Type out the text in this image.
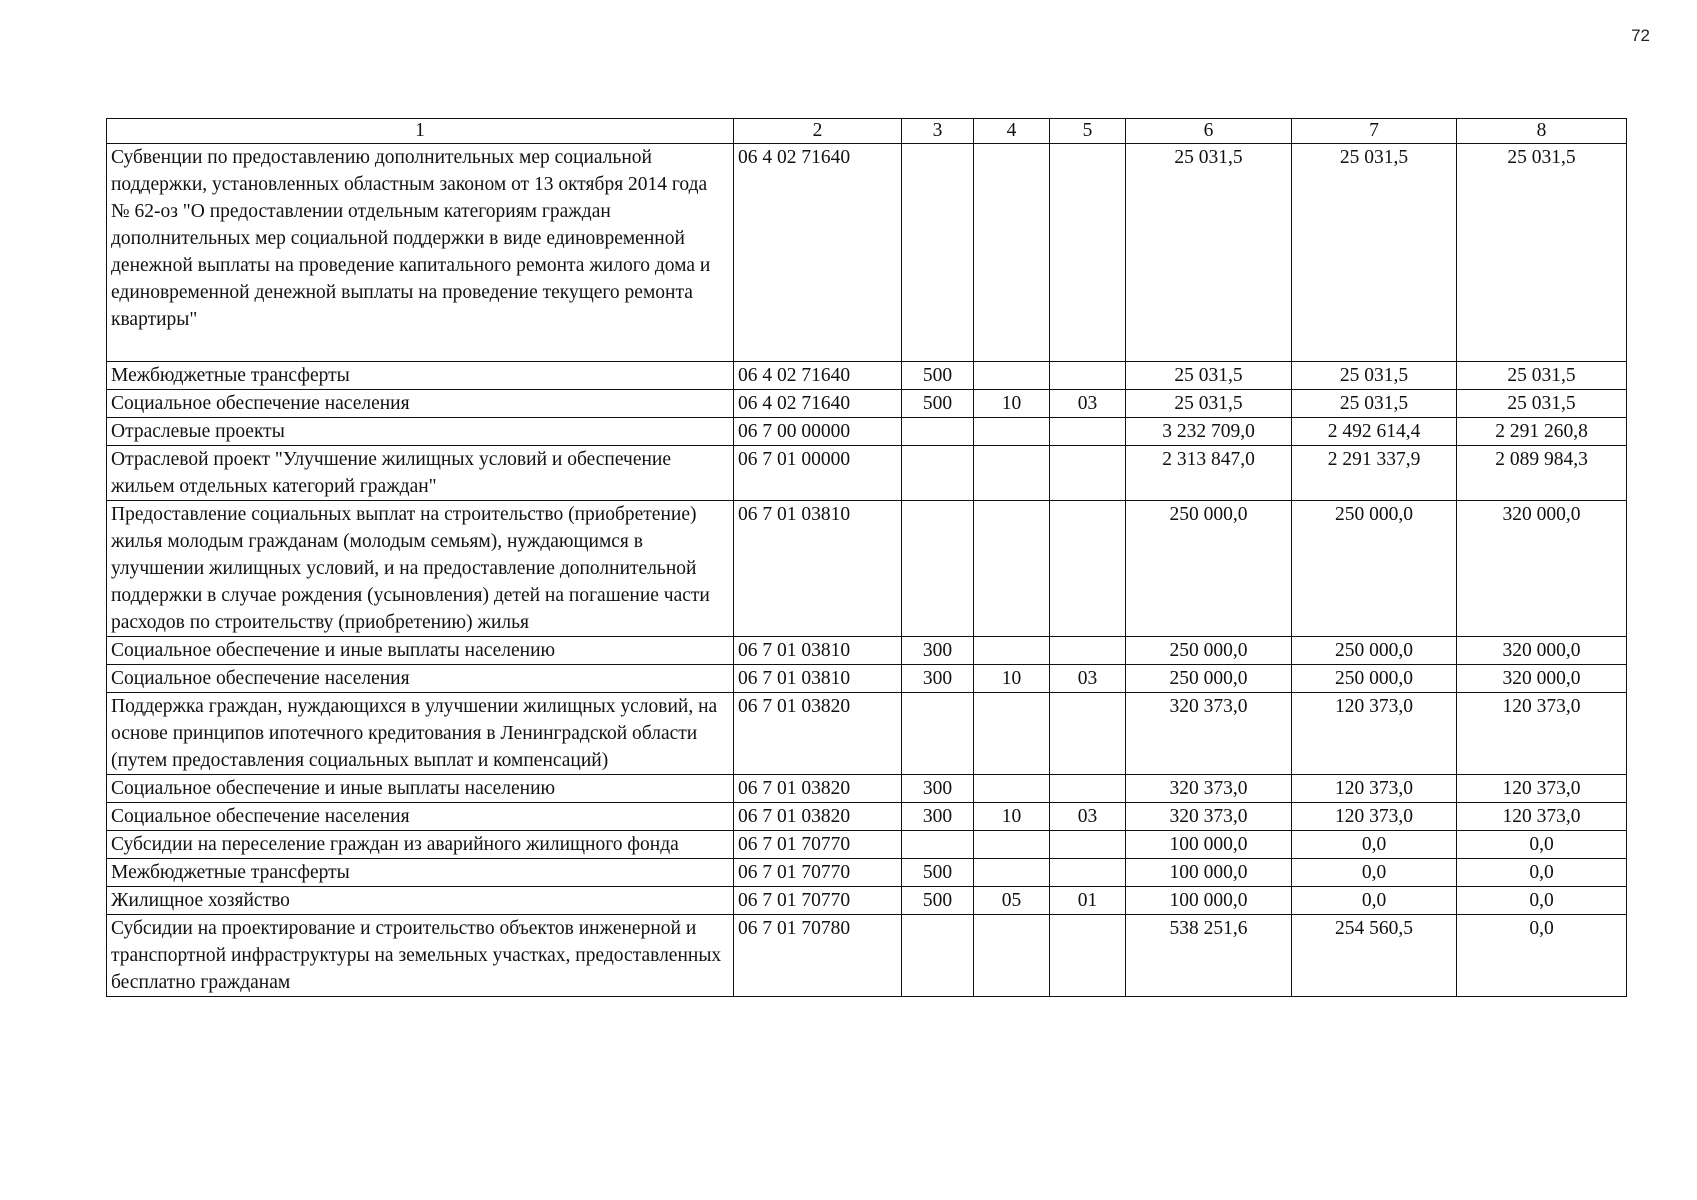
72
1	2	3	4	5	6	7	8
Субвенции по предоставлению дополнительных мер социальной поддержки, установленных областным законом от 13 октября 2014 года № 62-оз "О предоставлении отдельным категориям граждан дополнительных мер социальной поддержки в виде единовременной денежной выплаты на проведение капитального ремонта жилого дома и единовременной денежной выплаты на проведение текущего ремонта квартиры"	06 4 02 71640				25 031,5	25 031,5	25 031,5
Межбюджетные трансферты	06 4 02 71640	500			25 031,5	25 031,5	25 031,5
Социальное обеспечение населения	06 4 02 71640	500	10	03	25 031,5	25 031,5	25 031,5
Отраслевые проекты	06 7 00 00000				3 232 709,0	2 492 614,4	2 291 260,8
Отраслевой проект "Улучшение жилищных условий и обеспечение жильем отдельных категорий граждан"	06 7 01 00000				2 313 847,0	2 291 337,9	2 089 984,3
Предоставление социальных выплат на строительство (приобретение) жилья молодым гражданам (молодым семьям), нуждающимся в улучшении жилищных условий, и на предоставление дополнительной поддержки в случае рождения (усыновления) детей на погашение части расходов по строительству (приобретению) жилья	06 7 01 03810				250 000,0	250 000,0	320 000,0
Социальное обеспечение и иные выплаты населению	06 7 01 03810	300			250 000,0	250 000,0	320 000,0
Социальное обеспечение населения	06 7 01 03810	300	10	03	250 000,0	250 000,0	320 000,0
Поддержка граждан, нуждающихся в улучшении жилищных условий, на основе принципов ипотечного кредитования в Ленинградской области (путем предоставления социальных выплат и компенсаций)	06 7 01 03820				320 373,0	120 373,0	120 373,0
Социальное обеспечение и иные выплаты населению	06 7 01 03820	300			320 373,0	120 373,0	120 373,0
Социальное обеспечение населения	06 7 01 03820	300	10	03	320 373,0	120 373,0	120 373,0
Субсидии на переселение граждан из аварийного жилищного фонда	06 7 01 70770				100 000,0	0,0	0,0
Межбюджетные трансферты	06 7 01 70770	500			100 000,0	0,0	0,0
Жилищное хозяйство	06 7 01 70770	500	05	01	100 000,0	0,0	0,0
Субсидии на проектирование и строительство объектов инженерной и транспортной инфраструктуры на земельных участках, предоставленных бесплатно гражданам	06 7 01 70780				538 251,6	254 560,5	0,0
